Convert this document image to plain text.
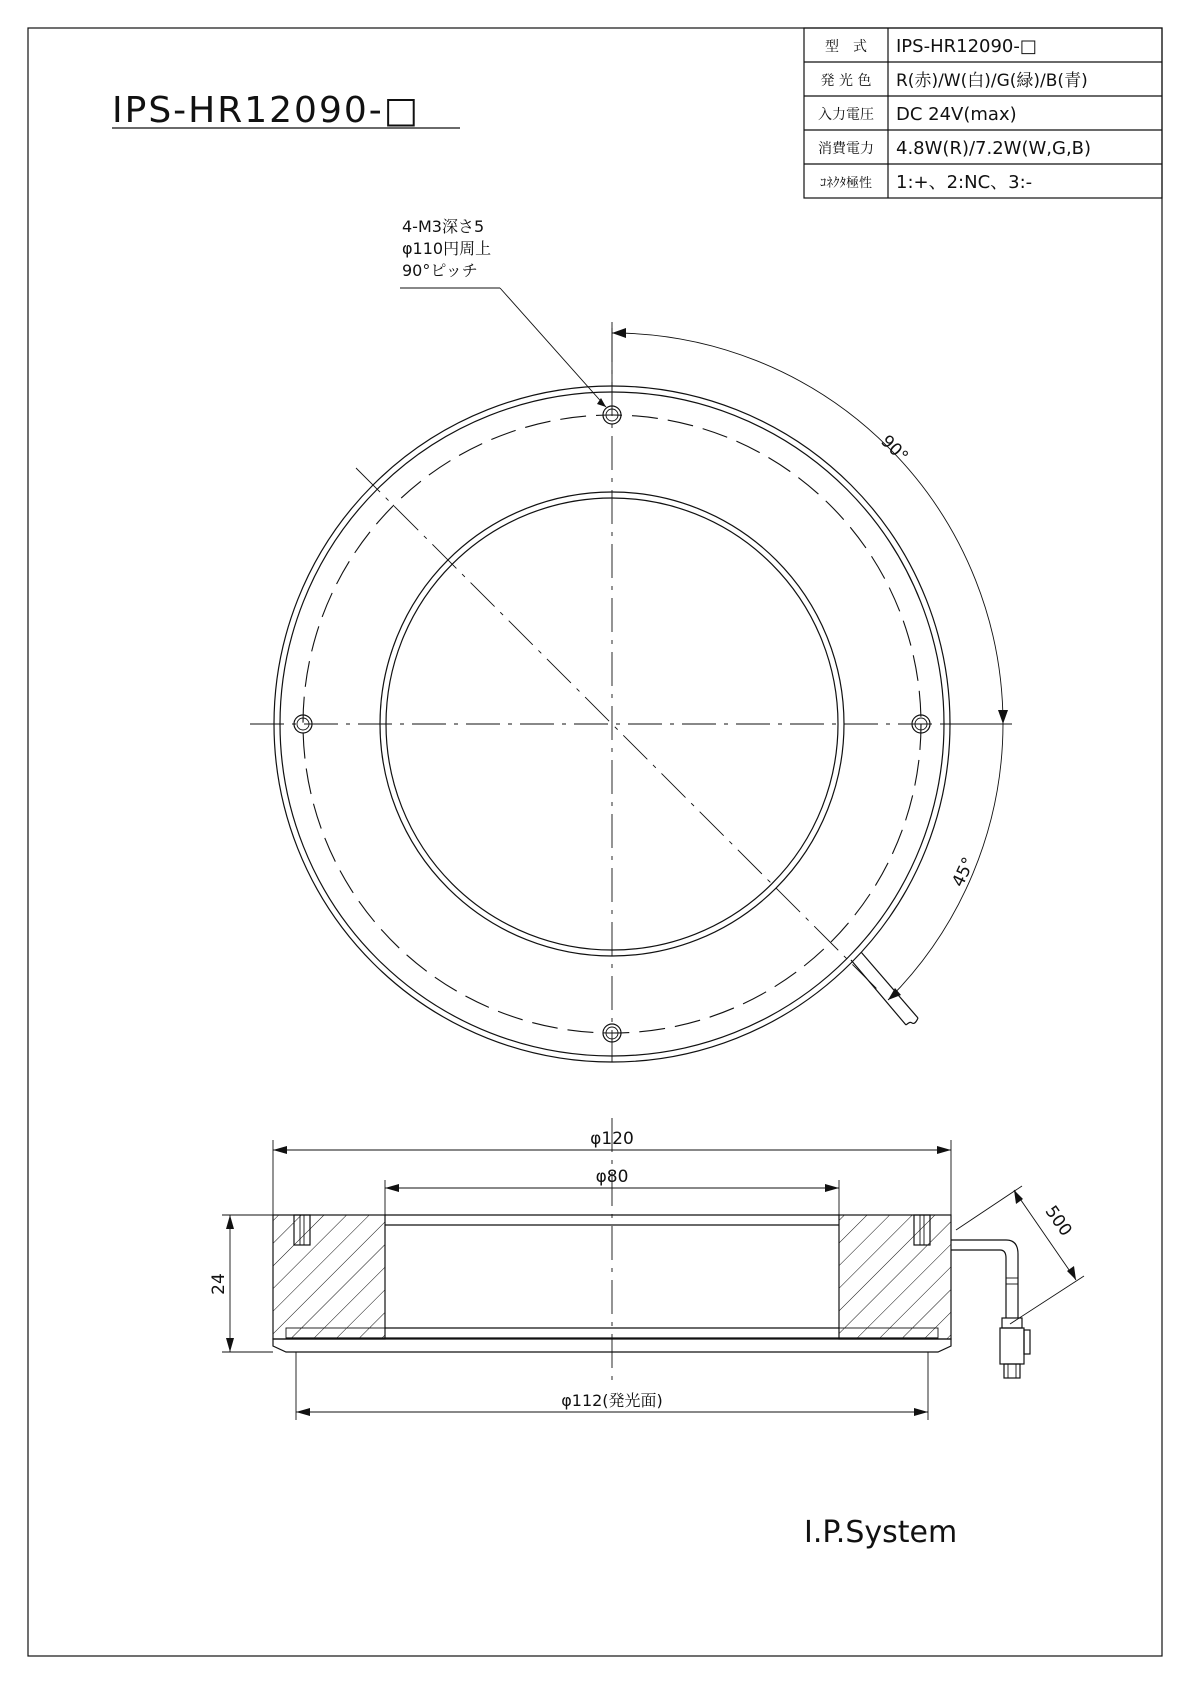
IPS-HR12090-□
型　式 IPS-HR12090-□
発 光 色 R(赤)/W(白)/G(緑)/B(青)
入力電圧 DC 24V(max)
消費電力 4.8W(R)/7.2W(W,G,B)
ｺﾈｸﾀ極性 1:+、2:NC、3:-
4-M3深さ5
φ110円周上
90°ピッチ
90°
45°
φ120
φ80
24
φ112(発光面)
500
I.P.System
